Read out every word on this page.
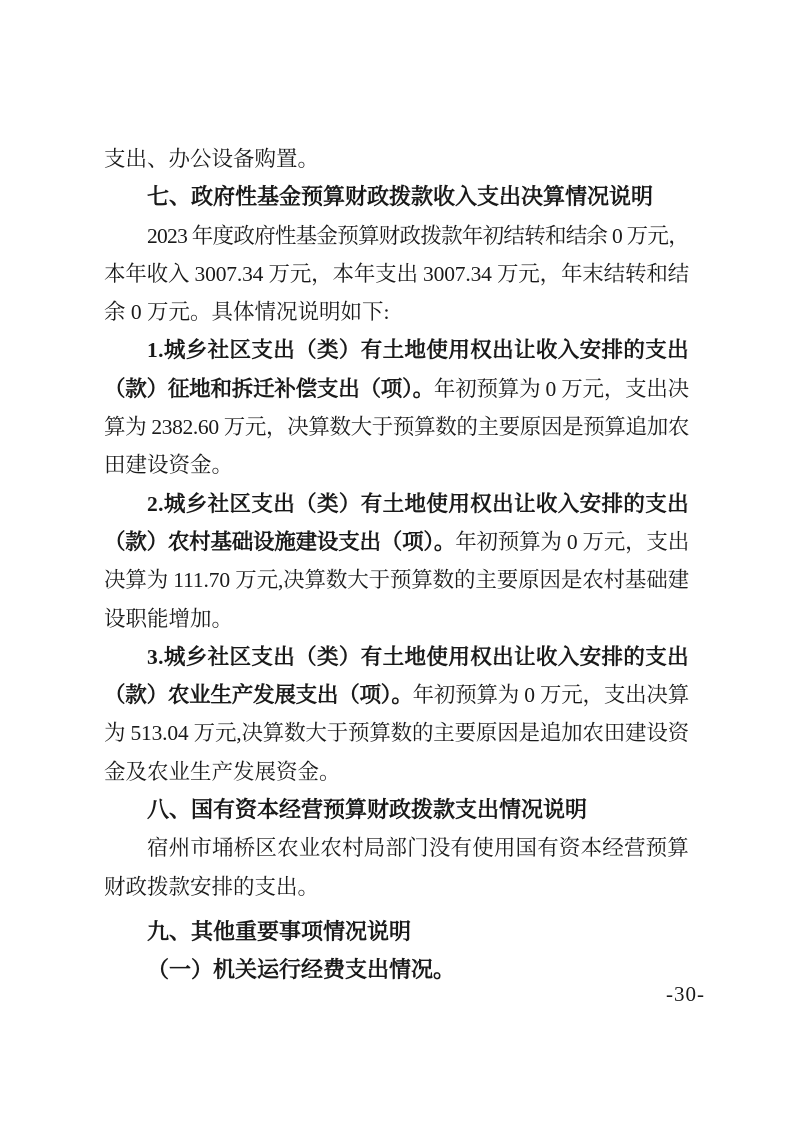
支出、办公设备购置。
七、政府性基金预算财政拨款收入支出决算情况说明
2023 年度政府性基金预算财政拨款年初结转和结余 0 万元，
本年收入 3007.34 万元，本年支出 3007.34 万元，年末结转和结
余 0 万元。具体情况说明如下:
1.城乡社区支出（类）有土地使用权出让收入安排的支出
（款）征地和拆迁补偿支出（项）。年初预算为 0 万元，支出决
算为 2382.60 万元，决算数大于预算数的主要原因是预算追加农
田建设资金。
2.城乡社区支出（类）有土地使用权出让收入安排的支出
（款）农村基础设施建设支出（项）。年初预算为 0 万元，支出
决算为 111.70 万元,决算数大于预算数的主要原因是农村基础建
设职能增加。
3.城乡社区支出（类）有土地使用权出让收入安排的支出
（款）农业生产发展支出（项）。年初预算为 0 万元，支出决算
为 513.04 万元,决算数大于预算数的主要原因是追加农田建设资
金及农业生产发展资金。
八、国有资本经营预算财政拨款支出情况说明
宿州市埇桥区农业农村局部门没有使用国有资本经营预算
财政拨款安排的支出。
九、其他重要事项情况说明
（一）机关运行经费支出情况。
-30-
